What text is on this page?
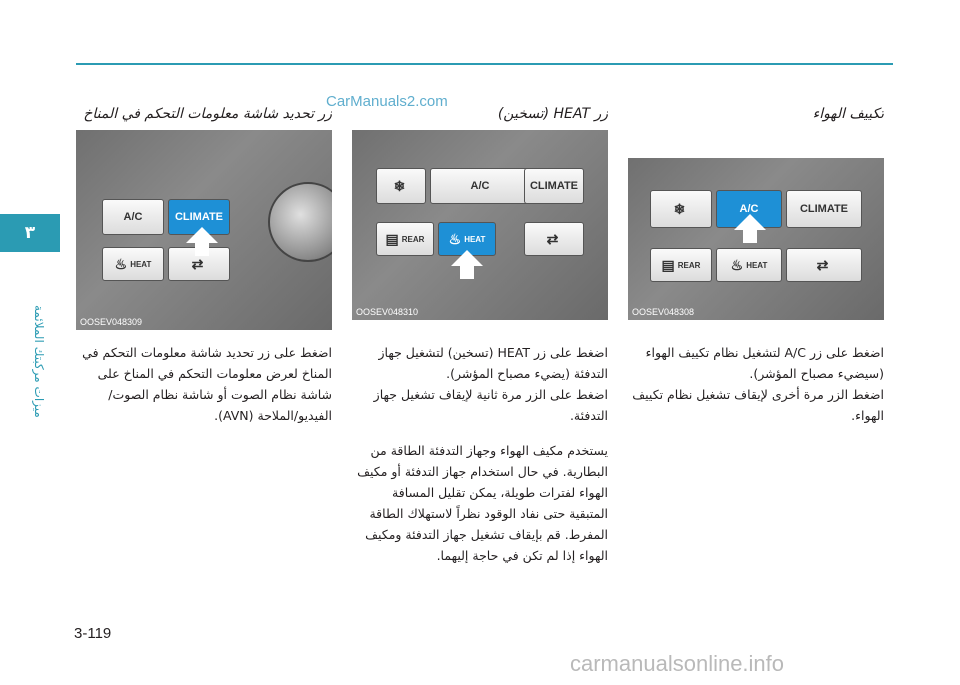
٣
ميزات مركبتك الملائمة
CarManuals2.com
زر تحديد شاشة معلومات التحكم في المناخ	زر HEAT (تسخين)	تكييف الهواء
A/C	CLIMATE
♨ HEAT	⇄
OOSEV048309
❄	A/C	CLIMATE
▤ REAR ♨ HEAT	⇄
OOSEV048310
❄	A/C	CLIMATE
▤ REAR ♨ HEAT	⇄
OOSEV048308

اضغط على زر تحديد شاشة معلومات التحكم في المناخ لعرض معلومات التحكم في المناخ على شاشة نظام الصوت أو شاشة نظام الصوت/الفيديو/الملاحة (AVN).

اضغط على زر HEAT (تسخين) لتشغيل جهاز التدفئة (يضيء مصباح المؤشر).

اضغط على الزر مرة ثانية لإيقاف تشغيل جهاز التدفئة.

يستخدم مكيف الهواء وجهاز التدفئة الطاقة من البطارية. في حال استخدام جهاز التدفئة أو مكيف الهواء لفترات طويلة، يمكن تقليل المسافة المتبقية حتى نفاد الوقود نظراً لاستهلاك الطاقة المفرط. قم بإيقاف تشغيل جهاز التدفئة ومكيف الهواء إذا لم تكن في حاجة إليهما.

اضغط على زر A/C لتشغيل نظام تكييف الهواء (سيضيء مصباح المؤشر).

اضغط الزر مرة أخرى لإيقاف تشغيل نظام تكييف الهواء.

3-119
carmanualsonline.info
